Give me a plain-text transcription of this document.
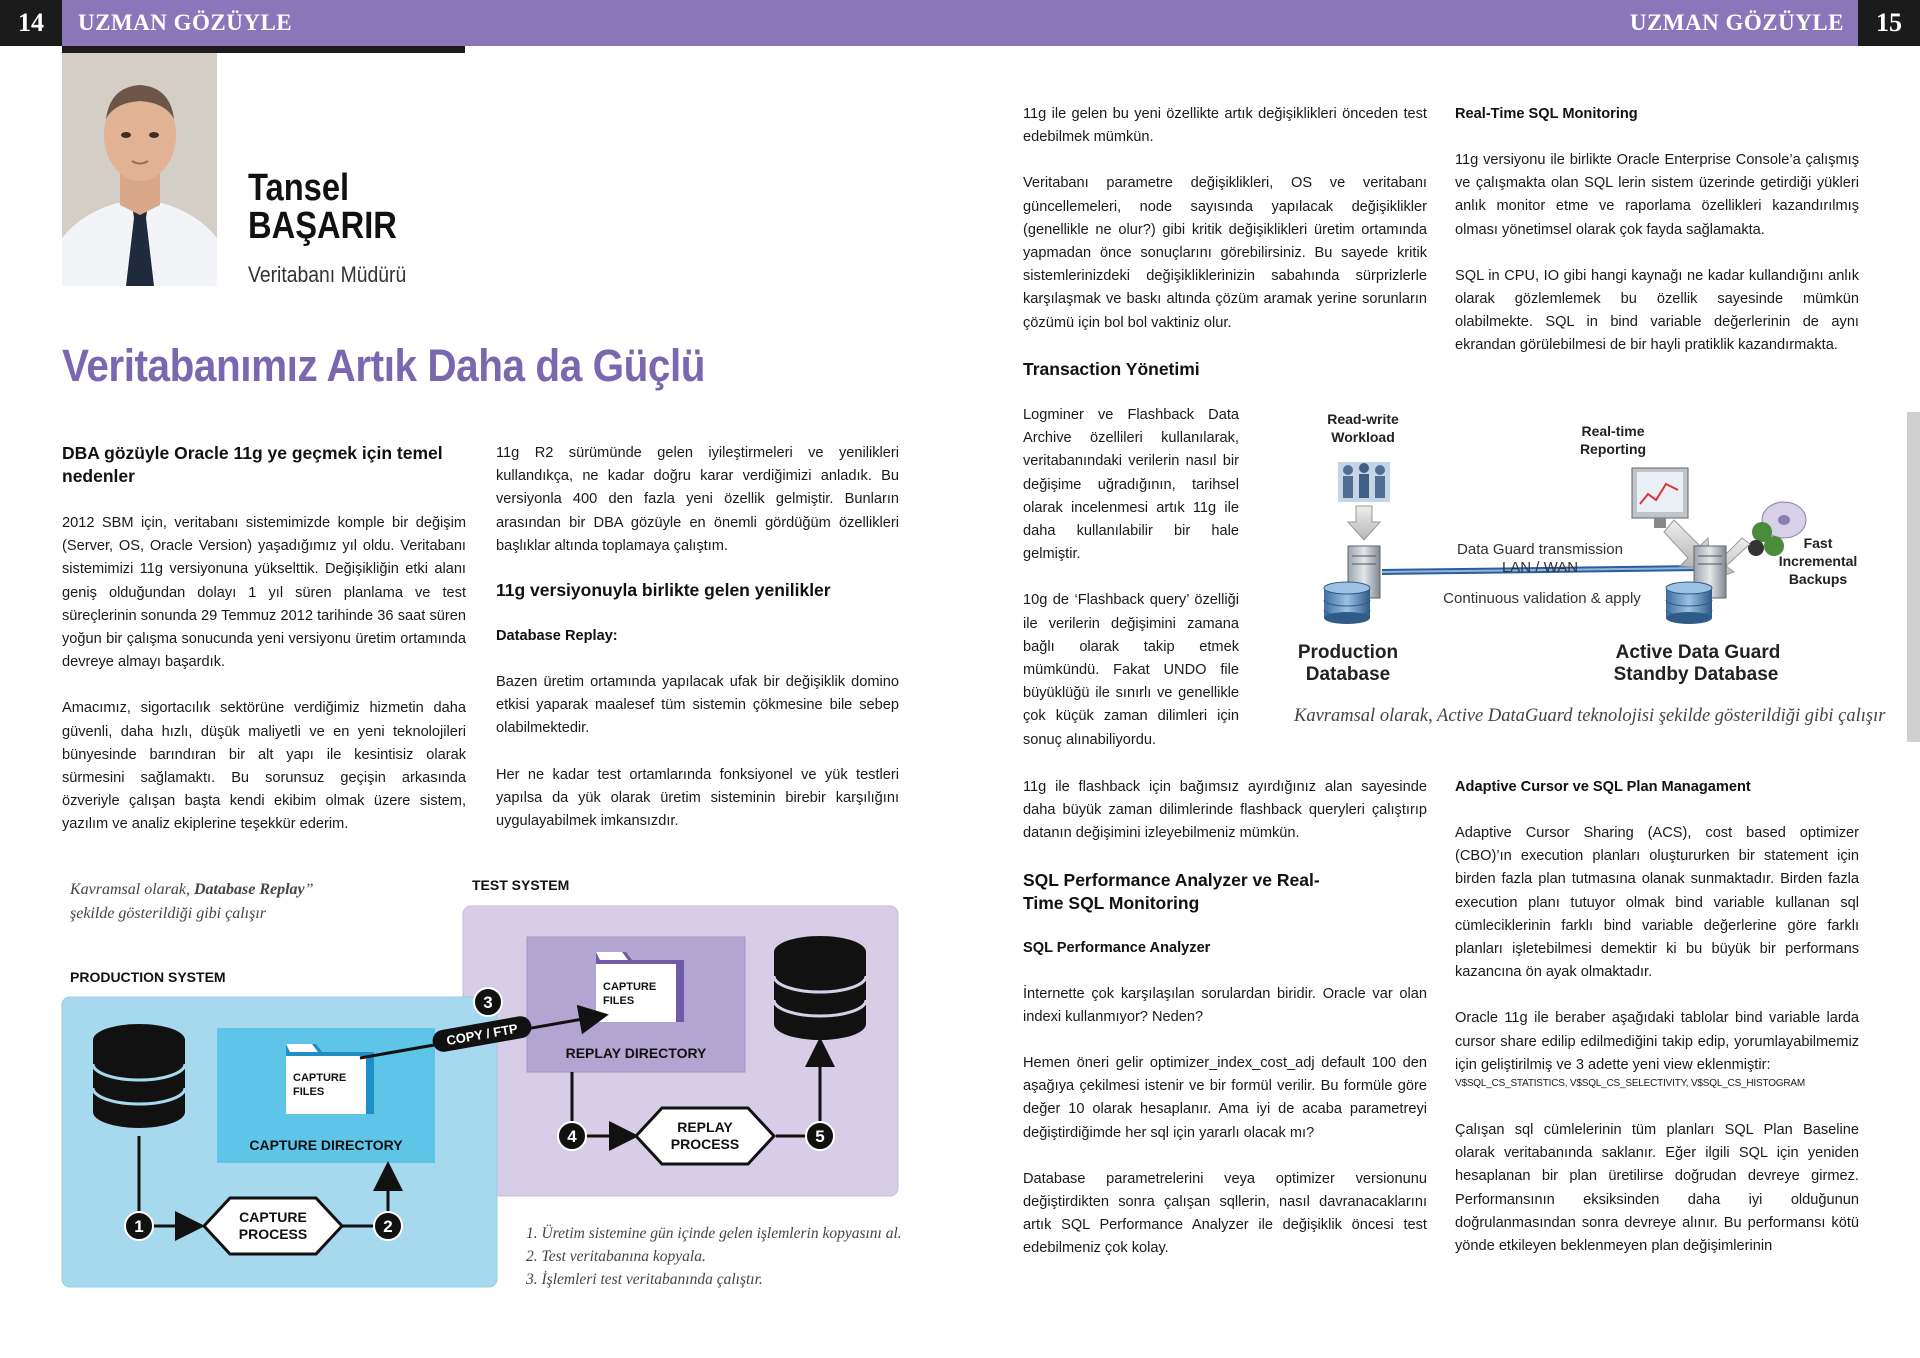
14	UZMAN GÖZÜYLE	UZMAN GÖZÜYLE	15
Tansel
BAŞARIR
Veritabanı Müdürü
Veritabanımız Artık Daha da Güçlü
DBA gözüyle Oracle 11g ye geçmek için temel nedenler

2012 SBM için, veritabanı sistemimizde komple bir değişim (Server, OS, Oracle Version) yaşadığımız yıl oldu. Veritabanı sistemimizi 11g versiyonuna yükselttik. Değişikliğin etki alanı geniş olduğundan dolayı 1 yıl süren planlama ve test süreçlerinin sonunda 29 Temmuz 2012 tarihinde 36 saat süren yoğun bir çalışma sonucunda yeni versiyonu üretim ortamında devreye almayı başardık.

Amacımız, sigortacılık sektörüne verdiğimiz hizmetin daha güvenli, daha hızlı, düşük maliyetli ve en yeni teknolojileri bünyesinde barındıran bir alt yapı ile kesintisiz olarak sürmesini sağlamaktı. Bu sorunsuz geçişin arkasında özveriyle çalışan başta kendi ekibim olmak üzere sistem, yazılım ve analiz ekiplerine teşekkür ederim.

11g R2 sürümünde gelen iyileştirmeleri ve yenilikleri kullandıkça, ne kadar doğru karar verdiğimizi anladık. Bu versiyonla 400 den fazla yeni özellik gelmiştir. Bunların arasından bir DBA gözüyle en önemli gördüğüm özellikleri başlıklar altında toplamaya çalıştım.

11g versiyonuyla birlikte gelen yenilikler
Database Replay:

Bazen üretim ortamında yapılacak ufak bir değişiklik domino etkisi yaparak maalesef tüm sistemin çökmesine bile sebep olabilmektedir.

Her ne kadar test ortamlarında fonksiyonel ve yük testleri yapılsa da yük olarak üretim sisteminin birebir karşılığını uygulayabilmek imkansızdır.

Kavramsal olarak, Database Replay”
şekilde gösterildiği gibi çalışır
TEST SYSTEM
PRODUCTION SYSTEM
CAPTURE DIRECTORY
CAPTURE
FILES
REPLAY DIRECTORY
CAPTURE
FILES
CAPTURE
PROCESS
REPLAY
PROCESS
COPY / FTP
1	2
3
4	5
1. Üretim sistemine gün içinde gelen işlemlerin kopyasını al.
2. Test veritabanına kopyala.
3. İşlemleri test veritabanında çalıştır.

11g ile gelen bu yeni özellikte artık değişiklikleri önceden test edebilmek mümkün.

Veritabanı parametre değişiklikleri, OS ve veritabanı güncellemeleri, node sayısında yapılacak değişiklikler (genellikle ne olur?) gibi kritik değişiklikleri üretim ortamında yapmadan önce sonuçlarını görebilirsiniz. Bu sayede kritik sistemlerinizdeki değişikliklerinizin sabahında sürprizlerle karşılaşmak ve baskı altında çözüm aramak yerine sorunların çözümü için bol bol vaktiniz olur.

Transaction Yönetimi

Logminer ve Flashback Data Archive özellileri kullanılarak, veritabanındaki verilerin nasıl bir değişime uğradığının, tarihsel olarak incelenmesi artık 11g ile daha kullanılabilir bir hale gelmiştir.

10g de ‘Flashback query’ özelliği ile verilerin değişimini zamana bağlı olarak takip etmek mümkündü. Fakat UNDO file büyüklüğü ile sınırlı ve genellikle çok küçük zaman dilimleri için sonuç alınabiliyordu.

11g ile flashback için bağımsız ayırdığınız alan sayesinde daha büyük zaman dilimlerinde flashback queryleri çalıştırıp datanın değişimini izleyebilmeniz mümkün.

SQL Performance Analyzer ve Real-Time SQL Monitoring
SQL Performance Analyzer

İnternette çok karşılaşılan sorulardan biridir. Oracle var olan indexi kullanmıyor? Neden?

Hemen öneri gelir optimizer_index_cost_adj default 100 den aşağıya çekilmesi istenir ve bir formül verilir. Bu formüle göre değer 10 olarak hesaplanır. Ama iyi de acaba parametreyi değiştirdiğimde her sql için yararlı olacak mı?

Database parametrelerini veya optimizer versionunu değiştirdikten sonra çalışan sqllerin, nasıl davranacaklarını artık SQL Performance Analyzer ile değişiklik öncesi test edebilmeniz çok kolay.

Real-Time SQL Monitoring

11g versiyonu ile birlikte Oracle Enterprise Console’a çalışmış ve çalışmakta olan SQL lerin sistem üzerinde getirdiği yükleri anlık monitor etme ve raporlama özellikleri kazandırılmış olması yönetimsel olarak çok fayda sağlamakta.

SQL in CPU, IO gibi hangi kaynağı ne kadar kullandığını anlık olarak gözlemlemek bu özellik sayesinde mümkün olabilmekte. SQL in bind variable değerlerinin de aynı ekrandan görülebilmesi de bir hayli pratiklik kazandırmakta.

Adaptive Cursor ve SQL Plan Managament

Adaptive Cursor Sharing (ACS), cost based optimizer (CBO)’ın execution planları oluştururken bir statement için birden fazla plan tutmasına olanak sunmaktadır. Birden fazla execution planı tutuyor olmak bind variable kullanan sql cümleciklerinin farklı bind variable değerlerine göre farklı planları işletebilmesi demektir ki bu büyük bir performans kazancına ön ayak olmaktadır.

Oracle 11g ile beraber aşağıdaki tablolar bind variable larda cursor share edilip edilmediğini takip edip, yorumlayabilmemiz için geliştirilmiş ve 3 adette yeni view eklenmiştir:

V$SQL_CS_STATISTICS, V$SQL_CS_SELECTIVITY, V$SQL_CS_HISTOGRAM

Çalışan sql cümlelerinin tüm planları SQL Plan Baseline olarak veritabanında saklanır. Eğer ilgili SQL için yeniden hesaplanan bir plan üretilirse doğrudan devreye girmez. Performansının eksiksinden daha iyi olduğunun doğrulanmasından sonra devreye alınır. Bu performansı kötü yönde etkileyen beklenmeyen plan değişimlerinin

Read-write
Workload
Data Guard transmission
LAN / WAN
Continuous validation & apply
Real-time
Reporting
Fast
Incremental
Backups
Production
Database
Active Data Guard
Standby Database
Kavramsal olarak, Active DataGuard teknolojisi şekilde gösterildiği gibi çalışır
